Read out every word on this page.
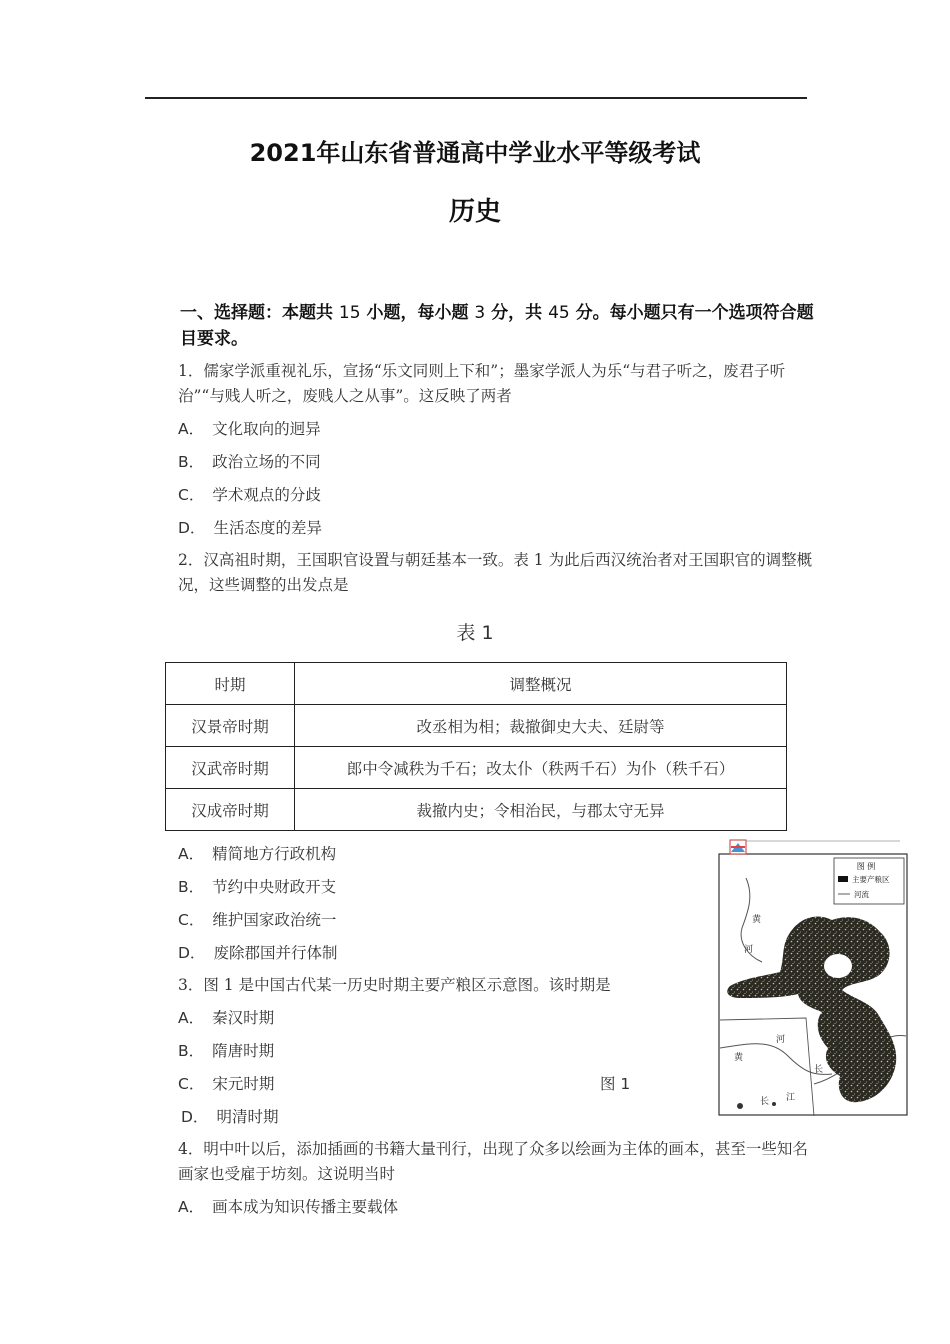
2021年山东省普通高中学业水平等级考试
历史
一、选择题：本题共 15 小题，每小题 3 分，共 45 分。每小题只有一个选项符合题目要求。
1．儒家学派重视礼乐，宣扬“乐文同则上下和”；墨家学派人为乐“与君子听之，废君子听治”“与贱人听之，废贱人之从事”。这反映了两者
A． 文化取向的迥异
B． 政治立场的不同
C． 学术观点的分歧
D． 生活态度的差异
2．汉高祖时期，王国职官设置与朝廷基本一致。表 1 为此后西汉统治者对王国职官的调整概况，这些调整的出发点是
表 1
时期	调整概况
汉景帝时期	改丞相为相；裁撤御史大夫、廷尉等
汉武帝时期	郎中令减秩为千石；改太仆（秩两千石）为仆（秩千石）
汉成帝时期	裁撤内史；令相治民，与郡太守无异
A． 精简地方行政机构
B． 节约中央财政开支
C． 维护国家政治统一
D． 废除郡国并行体制
3．图 1 是中国古代某一历史时期主要产粮区示意图。该时期是
A． 秦汉时期
B． 隋唐时期
C． 宋元时期
D． 明清时期
图 1
图 例
主要产粮区
河流
黄
河
河
黄
江
长
长 江
4．明中叶以后，添加插画的书籍大量刊行，出现了众多以绘画为主体的画本，甚至一些知名画家也受雇于坊刻。这说明当时
A． 画本成为知识传播主要载体
